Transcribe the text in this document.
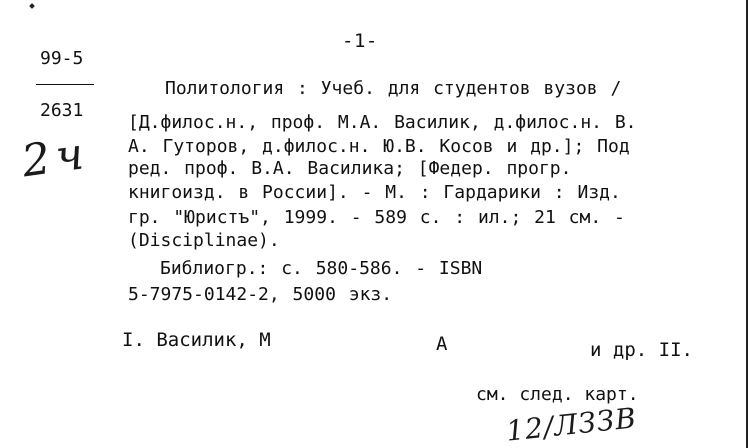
-1-
99-5
2631
2ч
Политология : Учеб. для студентов вузов /
[Д.филос.н., проф. М.А. Василик, д.филос.н. В.
А. Гуторов, д.филос.н. Ю.В. Косов и др.]; Под
ред. проф. В.А. Василика; [Федер. прогр.
книгоизд. в России]. - М. : Гардарики : Изд.
гр. "Юристъ", 1999. - 589 с. : ил.; 21 см. -
(Disciplinae).
Библиогр.: с. 580-586. - ISBN
5-7975-0142-2, 5000 экз.
I. Василик, М	А	и др. II.
см. след. карт.
12/ЛЗЗВ
